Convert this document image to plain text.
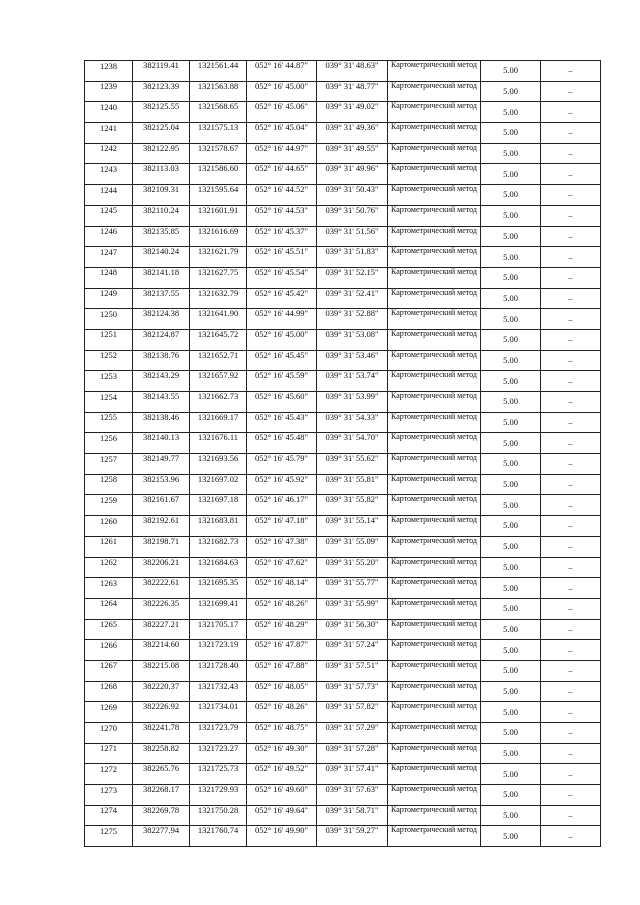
1238	382119.41	1321561.44	052° 16' 44.87"	039° 31' 48.63"	Картометрический метод	5.00	–
1239	382123.39	1321563.88	052° 16' 45.00"	039° 31' 48.77"	Картометрический метод	5.00	–
1240	382125.55	1321568.65	052° 16' 45.06"	039° 31' 49.02"	Картометрический метод	5.00	–
1241	382125.04	1321575.13	052° 16' 45.04"	039° 31' 49.36"	Картометрический метод	5.00	–
1242	382122.95	1321578.67	052° 16' 44.97"	039° 31' 49.55"	Картометрический метод	5.00	–
1243	382113.03	1321586.60	052° 16' 44.65"	039° 31' 49.96"	Картометрический метод	5.00	–
1244	382109.31	1321595.64	052° 16' 44.52"	039° 31' 50.43"	Картометрический метод	5.00	–
1245	382110.24	1321601.91	052° 16' 44.53"	039° 31' 50.76"	Картометрический метод	5.00	–
1246	382135.85	1321616.69	052° 16' 45.37"	039° 31' 51.56"	Картометрический метод	5.00	–
1247	382140.24	1321621.79	052° 16' 45.51"	039° 31' 51.83"	Картометрический метод	5.00	–
1248	382141.18	1321627.75	052° 16' 45.54"	039° 31' 52.15"	Картометрический метод	5.00	–
1249	382137.55	1321632.79	052° 16' 45.42"	039° 31' 52.41"	Картометрический метод	5.00	–
1250	382124.38	1321641.90	052° 16' 44.99"	039° 31' 52.88"	Картометрический метод	5.00	–
1251	382124.87	1321645.72	052° 16' 45.00"	039° 31' 53.08"	Картометрический метод	5.00	–
1252	382138.76	1321652.71	052° 16' 45.45"	039° 31' 53.46"	Картометрический метод	5.00	–
1253	382143.29	1321657.92	052° 16' 45.59"	039° 31' 53.74"	Картометрический метод	5.00	–
1254	382143.55	1321662.73	052° 16' 45.60"	039° 31' 53.99"	Картометрический метод	5.00	–
1255	382138.46	1321669.17	052° 16' 45.43"	039° 31' 54.33"	Картометрический метод	5.00	–
1256	382140.13	1321676.11	052° 16' 45.48"	039° 31' 54.70"	Картометрический метод	5.00	–
1257	382149.77	1321693.56	052° 16' 45.79"	039° 31' 55.62"	Картометрический метод	5.00	–
1258	382153.96	1321697.02	052° 16' 45.92"	039° 31' 55.81"	Картометрический метод	5.00	–
1259	382161.67	1321697.18	052° 16' 46.17"	039° 31' 55.82"	Картометрический метод	5.00	–
1260	382192.61	1321683.81	052° 16' 47.18"	039° 31' 55.14"	Картометрический метод	5.00	–
1261	382198.71	1321682.73	052° 16' 47.38"	039° 31' 55.09"	Картометрический метод	5.00	–
1262	382206.21	1321684.63	052° 16' 47.62"	039° 31' 55.20"	Картометрический метод	5.00	–
1263	382222.61	1321695.35	052° 16' 48.14"	039° 31' 55.77"	Картометрический метод	5.00	–
1264	382226.35	1321699.41	052° 16' 48.26"	039° 31' 55.99"	Картометрический метод	5.00	–
1265	382227.21	1321705.17	052° 16' 48.29"	039° 31' 56.30"	Картометрический метод	5.00	–
1266	382214.60	1321723.19	052° 16' 47.87"	039° 31' 57.24"	Картометрический метод	5.00	–
1267	382215.08	1321728.40	052° 16' 47.88"	039° 31' 57.51"	Картометрический метод	5.00	–
1268	382220.37	1321732.43	052° 16' 48.05"	039° 31' 57.73"	Картометрический метод	5.00	–
1269	382226.92	1321734.01	052° 16' 48.26"	039° 31' 57.82"	Картометрический метод	5.00	–
1270	382241.78	1321723.79	052° 16' 48.75"	039° 31' 57.29"	Картометрический метод	5.00	–
1271	382258.82	1321723.27	052° 16' 49.30"	039° 31' 57.28"	Картометрический метод	5.00	–
1272	382265.76	1321725.73	052° 16' 49.52"	039° 31' 57.41"	Картометрический метод	5.00	–
1273	382268.17	1321729.93	052° 16' 49.60"	039° 31' 57.63"	Картометрический метод	5.00	–
1274	382269.78	1321750.28	052° 16' 49.64"	039° 31' 58.71"	Картометрический метод	5.00	–
1275	382277.94	1321760.74	052° 16' 49.90"	039° 31' 59.27"	Картометрический метод	5.00	–
